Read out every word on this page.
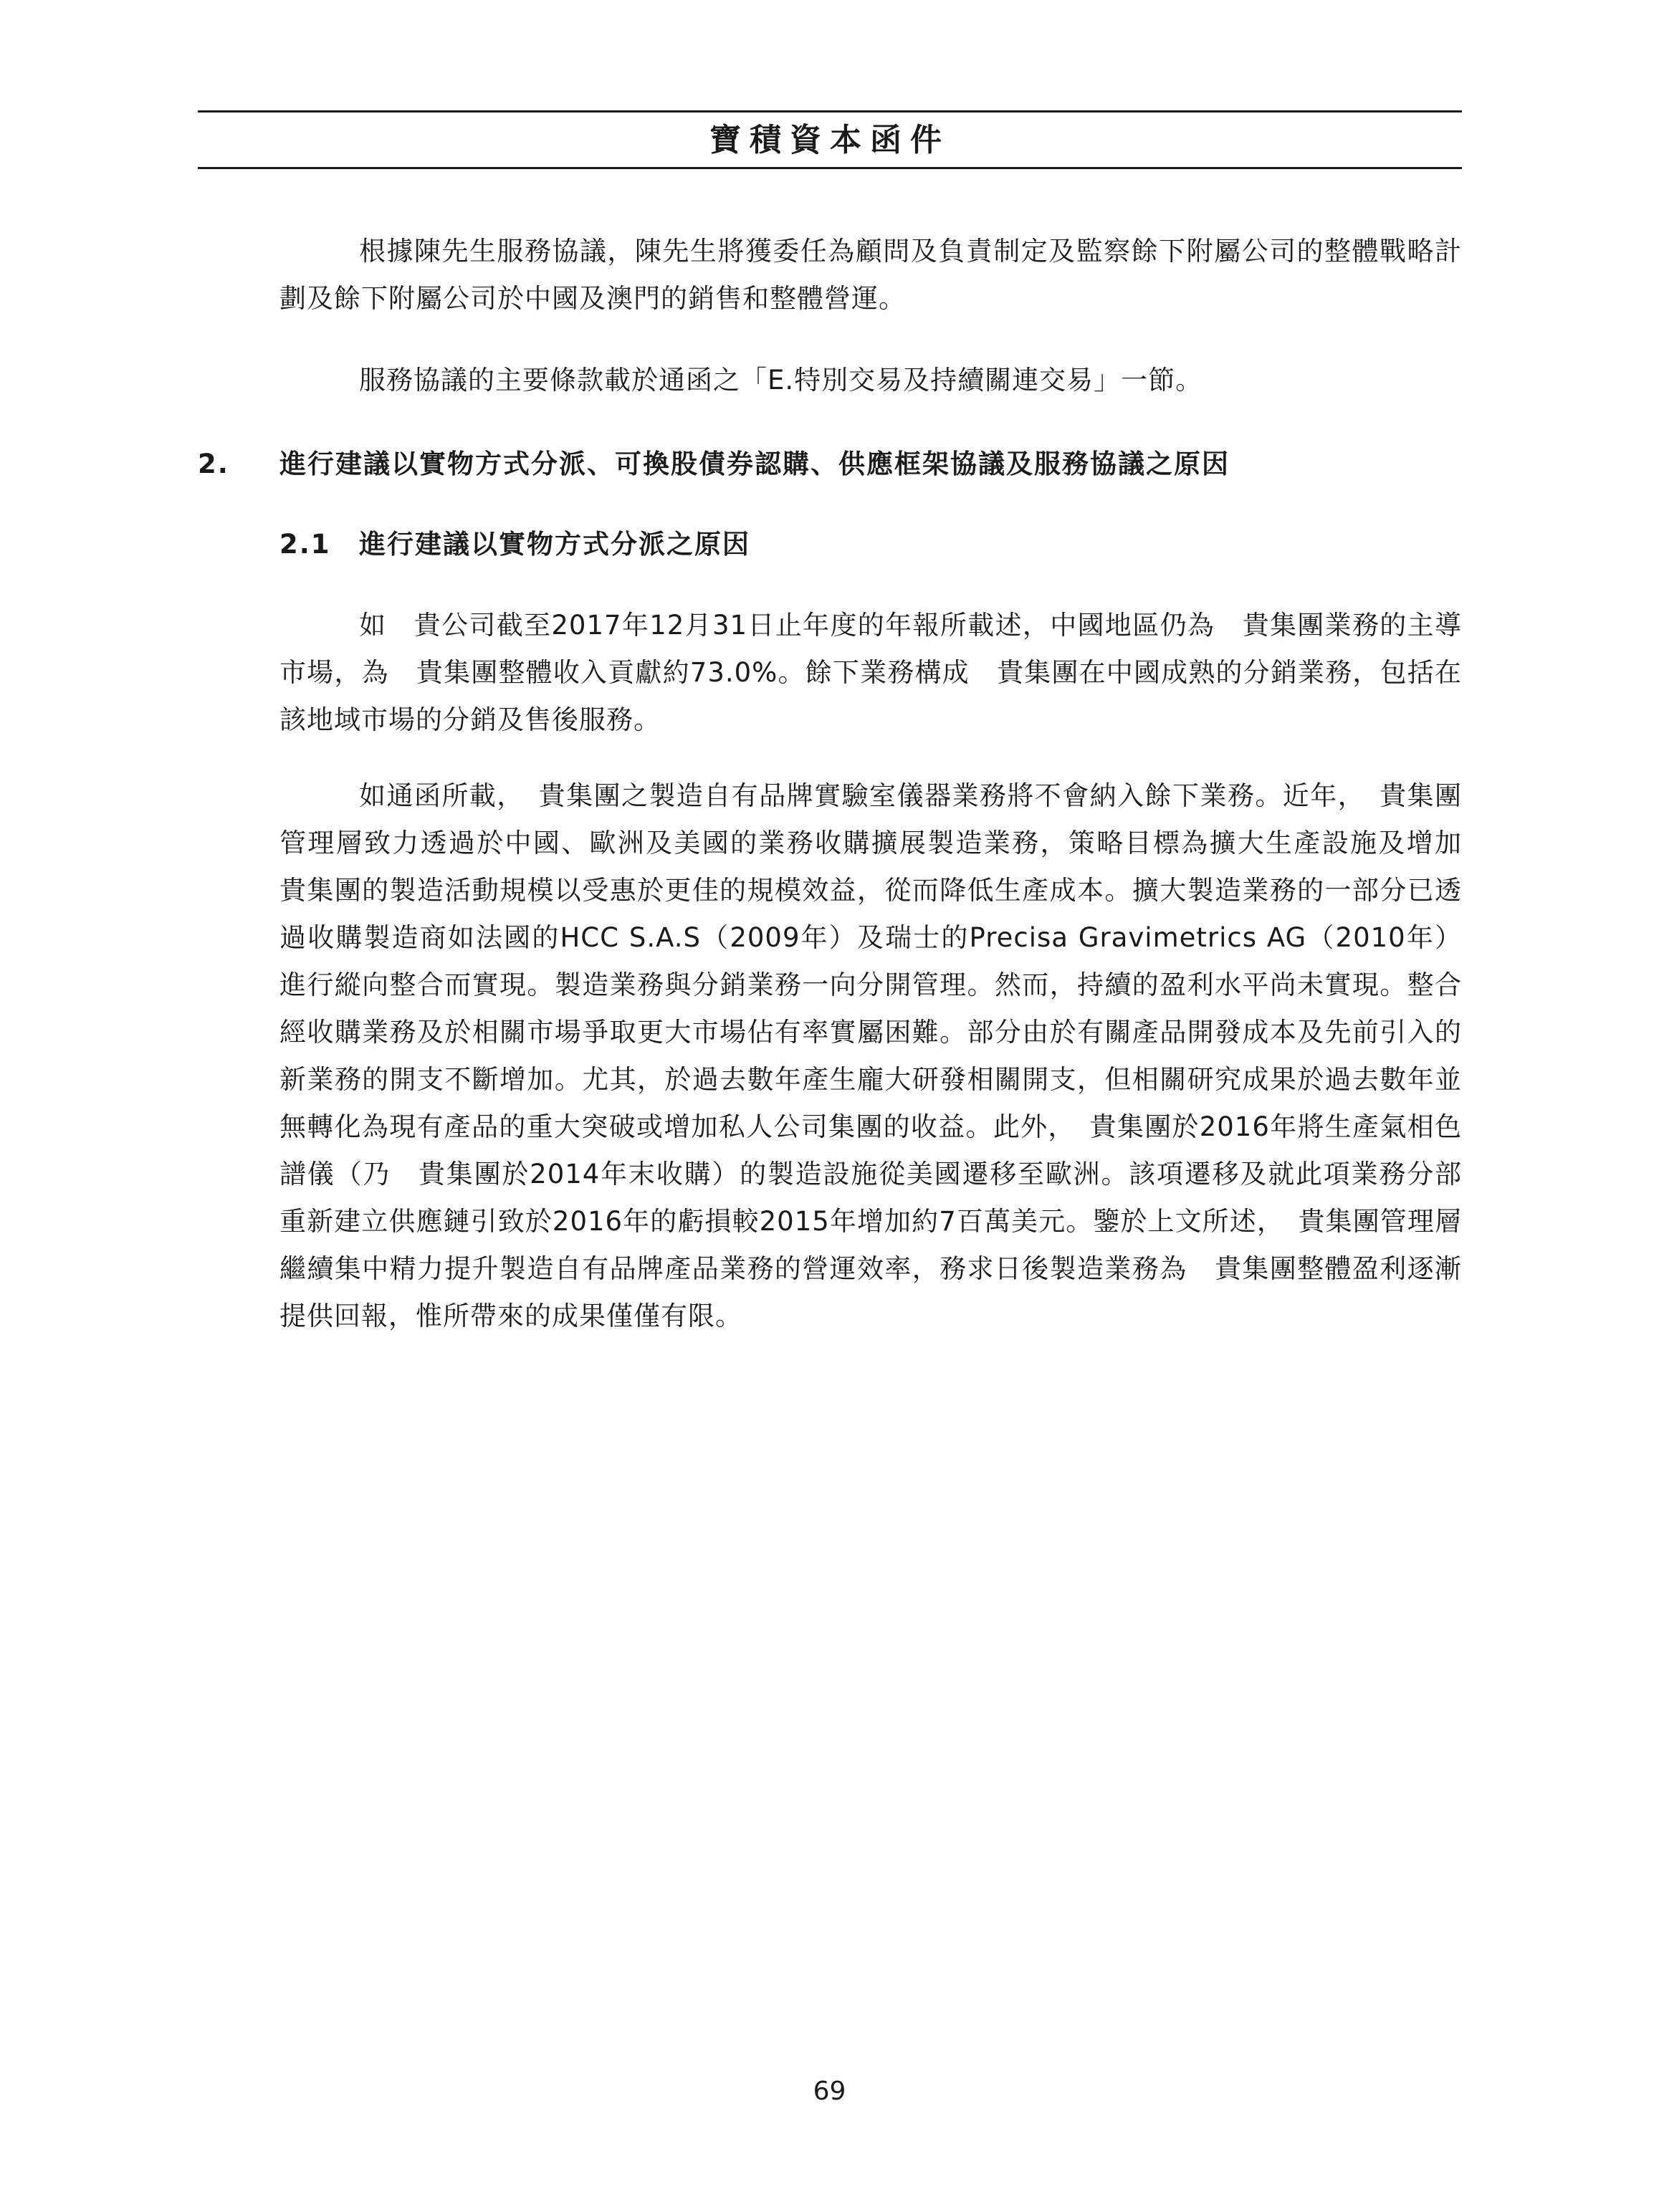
寶積資本函件

根據陳先生服務協議，陳先生將獲委任為顧問及負責制定及監察餘下附屬公司的整體戰略計劃及餘下附屬公司於中國及澳門的銷售和整體營運。

服務協議的主要條款載於通函之「E.特別交易及持續關連交易」一節。

2. 進行建議以實物方式分派、可換股債券認購、供應框架協議及服務協議之原因
2.1 進行建議以實物方式分派之原因

如　貴公司截至2017年12月31日止年度的年報所載述，中國地區仍為　貴集團業務的主導市場，為　貴集團整體收入貢獻約73.0%。餘下業務構成　貴集團在中國成熟的分銷業務，包括在該地域市場的分銷及售後服務。

如通函所載，　貴集團之製造自有品牌實驗室儀器業務將不會納入餘下業務。近年，　貴集團管理層致力透過於中國、歐洲及美國的業務收購擴展製造業務，策略目標為擴大生產設施及增加　貴集團的製造活動規模以受惠於更佳的規模效益，從而降低生產成本。擴大製造業務的一部分已透過收購製造商如法國的HCC S.A.S（2009年）及瑞士的Precisa Gravimetrics AG（2010年）進行縱向整合而實現。製造業務與分銷業務一向分開管理。然而，持續的盈利水平尚未實現。整合經收購業務及於相關市場爭取更大市場佔有率實屬困難。部分由於有關產品開發成本及先前引入的新業務的開支不斷增加。尤其，於過去數年產生龐大研發相關開支，但相關研究成果於過去數年並無轉化為現有產品的重大突破或增加私人公司集團的收益。此外，　貴集團於2016年將生產氣相色譜儀（乃　貴集團於2014年末收購）的製造設施從美國遷移至歐洲。該項遷移及就此項業務分部重新建立供應鏈引致於2016年的虧損較2015年增加約7百萬美元。鑒於上文所述，　貴集團管理層繼續集中精力提升製造自有品牌產品業務的營運效率，務求日後製造業務為　貴集團整體盈利逐漸提供回報，惟所帶來的成果僅僅有限。

69
